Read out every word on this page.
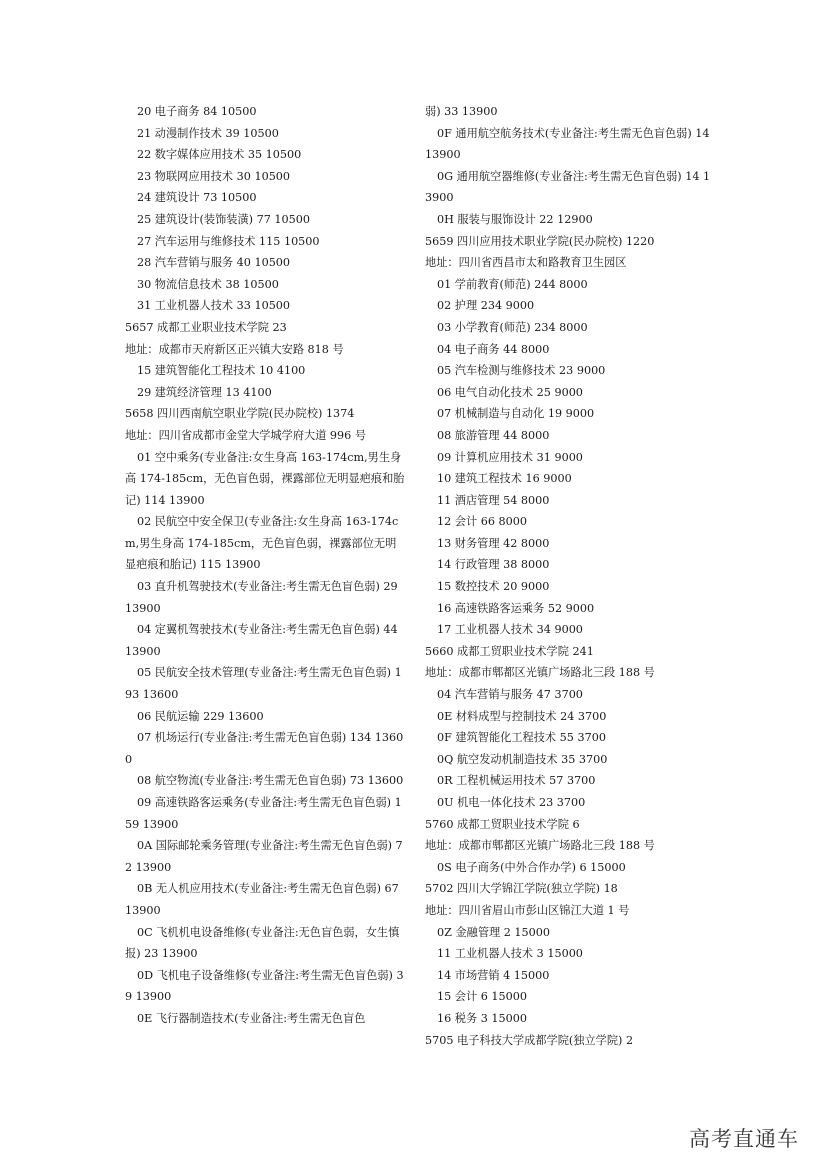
20 电子商务 84 10500
21 动漫制作技术 39 10500
22 数字媒体应用技术 35 10500
23 物联网应用技术 30 10500
24 建筑设计 73 10500
25 建筑设计(装饰装潢) 77 10500
27 汽车运用与维修技术 115 10500
28 汽车营销与服务 40 10500
30 物流信息技术 38 10500
31 工业机器人技术 33 10500
5657 成都工业职业技术学院 23
地址：成都市天府新区正兴镇大安路 818 号
15 建筑智能化工程技术 10 4100
29 建筑经济管理 13 4100
5658 四川西南航空职业学院(民办院校) 1374
地址：四川省成都市金堂大学城学府大道 996 号
01 空中乘务(专业备注:女生身高 163-174cm,男生身高 174-185cm，无色盲色弱，裸露部位无明显疤痕和胎记) 114 13900
02 民航空中安全保卫(专业备注:女生身高 163-174cm,男生身高 174-185cm，无色盲色弱，裸露部位无明显疤痕和胎记) 115 13900
03 直升机驾驶技术(专业备注:考生需无色盲色弱) 29 13900
04 定翼机驾驶技术(专业备注:考生需无色盲色弱) 44 13900
05 民航安全技术管理(专业备注:考生需无色盲色弱) 193 13600
06 民航运输 229 13600
07 机场运行(专业备注:考生需无色盲色弱) 134 13600
08 航空物流(专业备注:考生需无色盲色弱) 73 13600
09 高速铁路客运乘务(专业备注:考生需无色盲色弱) 159 13900
0A 国际邮轮乘务管理(专业备注:考生需无色盲色弱) 72 13900
0B 无人机应用技术(专业备注:考生需无色盲色弱) 67 13900
0C 飞机机电设备维修(专业备注:无色盲色弱，女生慎报) 23 13900
0D 飞机电子设备维修(专业备注:考生需无色盲色弱) 39 13900
0E 飞行器制造技术(专业备注:考生需无色盲色
弱) 33 13900
0F 通用航空航务技术(专业备注:考生需无色盲色弱) 14 13900
0G 通用航空器维修(专业备注:考生需无色盲色弱) 14 13900
0H 服装与服饰设计 22 12900
5659 四川应用技术职业学院(民办院校) 1220
地址：四川省西昌市太和路教育卫生园区
01 学前教育(师范) 244 8000
02 护理 234 9000
03 小学教育(师范) 234 8000
04 电子商务 44 8000
05 汽车检测与维修技术 23 9000
06 电气自动化技术 25 9000
07 机械制造与自动化 19 9000
08 旅游管理 44 8000
09 计算机应用技术 31 9000
10 建筑工程技术 16 9000
11 酒店管理 54 8000
12 会计 66 8000
13 财务管理 42 8000
14 行政管理 38 8000
15 数控技术 20 9000
16 高速铁路客运乘务 52 9000
17 工业机器人技术 34 9000
5660 成都工贸职业技术学院 241
地址：成都市郫都区光镇广场路北三段 188 号
04 汽车营销与服务 47 3700
0E 材料成型与控制技术 24 3700
0F 建筑智能化工程技术 55 3700
0Q 航空发动机制造技术 35 3700
0R 工程机械运用技术 57 3700
0U 机电一体化技术 23 3700
5760 成都工贸职业技术学院 6
地址：成都市郫都区光镇广场路北三段 188 号
0S 电子商务(中外合作办学) 6 15000
5702 四川大学锦江学院(独立学院) 18
地址：四川省眉山市彭山区锦江大道 1 号
0Z 金融管理 2 15000
11 工业机器人技术 3 15000
14 市场营销 4 15000
15 会计 6 15000
16 税务 3 15000
5705 电子科技大学成都学院(独立学院) 2
高考直通车
